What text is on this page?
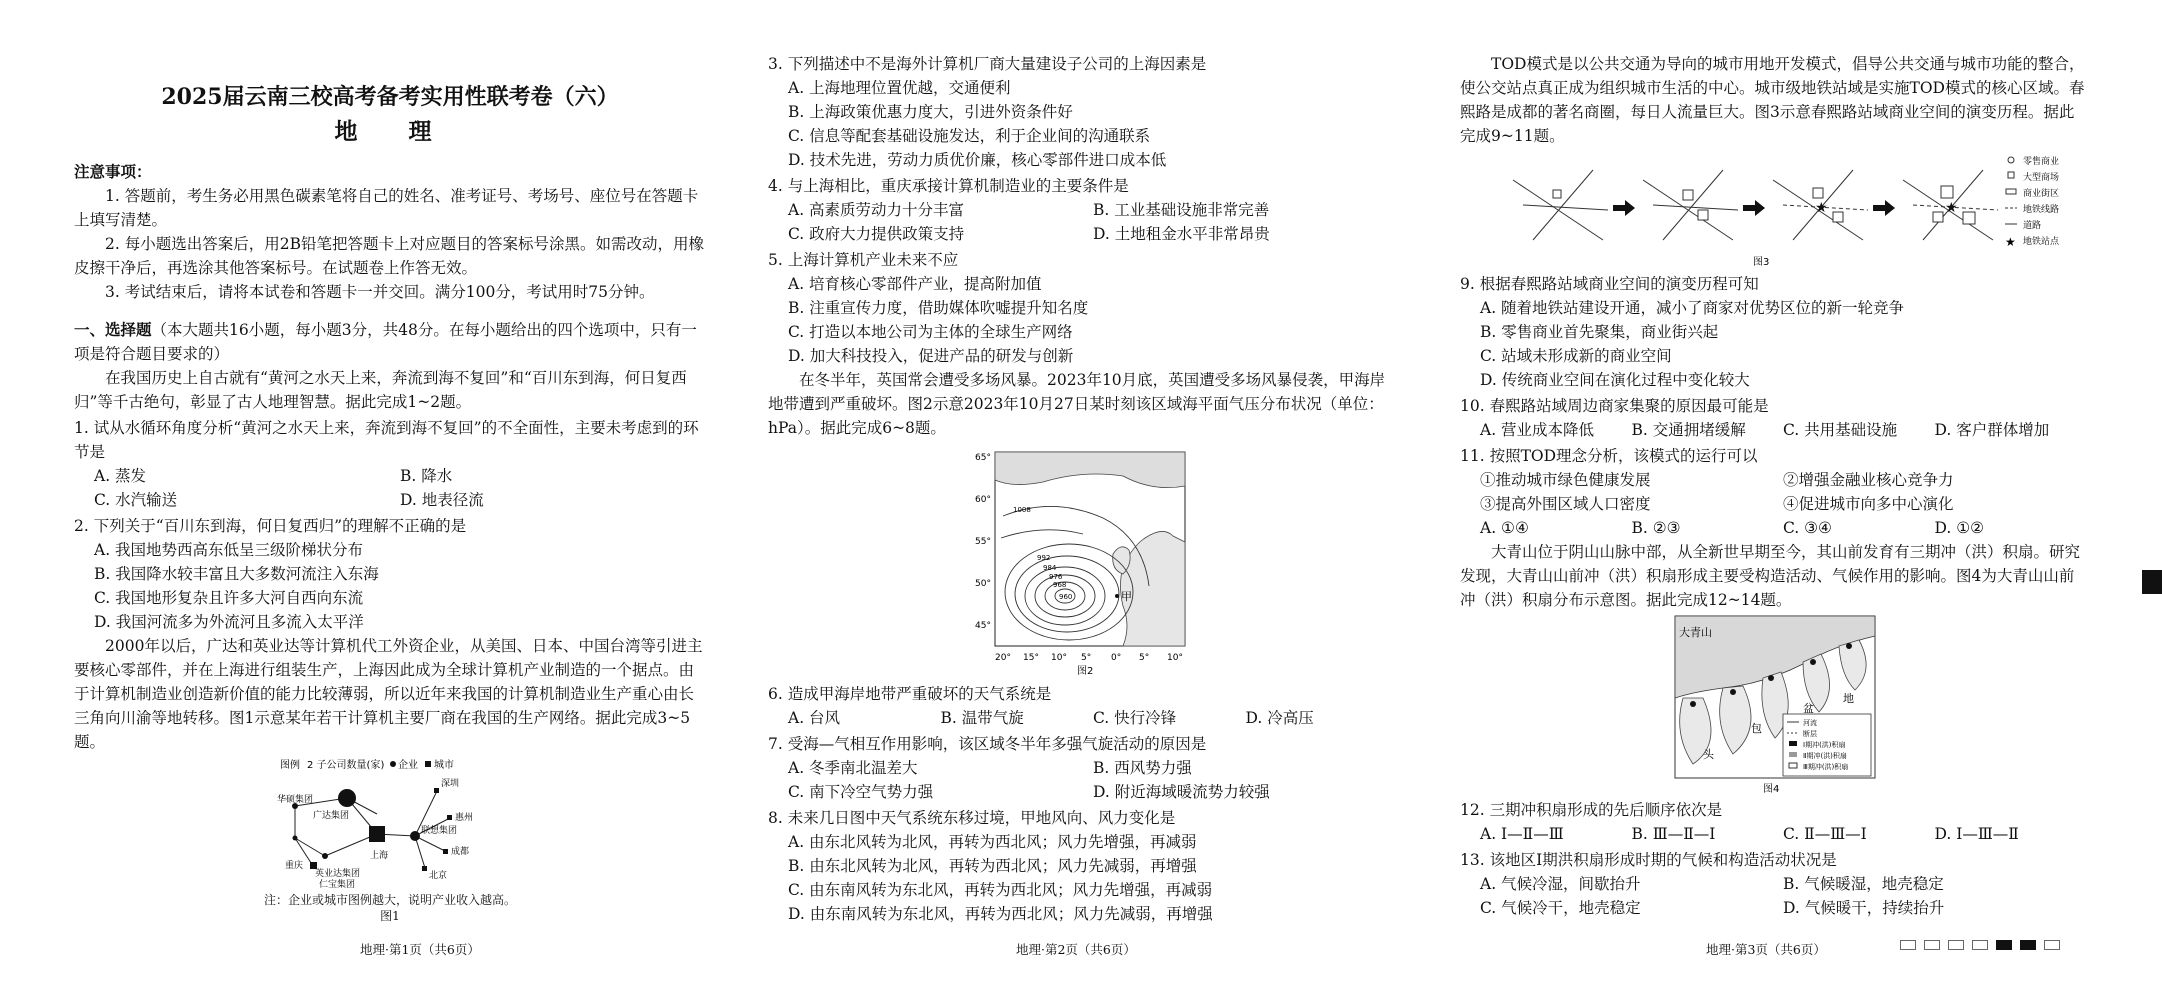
2025届云南三校高考备考实用性联考卷（六）

地　理

注意事项：

1. 答题前，考生务必用黑色碳素笔将自己的姓名、准考证号、考场号、座位号在答题卡上填写清楚。

2. 每小题选出答案后，用2B铅笔把答题卡上对应题目的答案标号涂黑。如需改动，用橡皮擦干净后，再选涂其他答案标号。在试题卷上作答无效。

3. 考试结束后，请将本试卷和答题卡一并交回。满分100分，考试用时75分钟。

一、选择题（本大题共16小题，每小题3分，共48分。在每小题给出的四个选项中，只有一项是符合题目要求的）

在我国历史上自古就有“黄河之水天上来，奔流到海不复回”和“百川东到海，何日复西归”等千古绝句，彰显了古人地理智慧。据此完成1~2题。

1. 试从水循环角度分析“黄河之水天上来，奔流到海不复回”的不全面性，主要未考虑到的环节是

A. 蒸发	B. 降水
C. 水汽输送	D. 地表径流

2. 下列关于“百川东到海，何日复西归”的理解不正确的是

A. 我国地势西高东低呈三级阶梯状分布

B. 我国降水较丰富且大多数河流注入东海

C. 我国地形复杂且许多大河自西向东流

D. 我国河流多为外流河且多流入太平洋

2000年以后，广达和英业达等计算机代工外资企业，从美国、日本、中国台湾等引进主要核心零部件，并在上海进行组装生产，上海因此成为全球计算机产业制造的一个据点。由于计算机制造业创造新价值的能力比较薄弱，所以近年来我国的计算机制造业生产重心由长三角向川渝等地转移。图1示意某年若干计算机主要厂商在我国的生产网络。据此完成3~5题。

图例 2 子公司数量(家) 企业 城市
华硕集团
广达集团
英业达集团
仁宝集团
联想集团
上海
深圳
惠州
重庆
成都
北京
注：企业或城市图例越大，说明产业收入越高。
图1
地理·第1页（共6页）

3. 下列描述中不是海外计算机厂商大量建设子公司的上海因素是

A. 上海地理位置优越，交通便利

B. 上海政策优惠力度大，引进外资条件好

C. 信息等配套基础设施发达，利于企业间的沟通联系

D. 技术先进，劳动力质优价廉，核心零部件进口成本低

4. 与上海相比，重庆承接计算机制造业的主要条件是

A. 高素质劳动力十分丰富	B. 工业基础设施非常完善
C. 政府大力提供政策支持	D. 土地租金水平非常昂贵

5. 上海计算机产业未来不应

A. 培育核心零部件产业，提高附加值

B. 注重宣传力度，借助媒体吹嘘提升知名度

C. 打造以本地公司为主体的全球生产网络

D. 加大科技投入，促进产品的研发与创新

在冬半年，英国常会遭受多场风暴。2023年10月底，英国遭受多场风暴侵袭，甲海岸地带遭到严重破坏。图2示意2023年10月27日某时刻该区域海平面气压分布状况（单位：hPa）。据此完成6~8题。

65°
60°
55°
50°
45°
20° 15° 10° 5° 0° 5° 10°
1008
992
984
976
968
960	甲
图2

6. 造成甲海岸地带严重破坏的天气系统是

A. 台风	B. 温带气旋	C. 快行冷锋	D. 冷高压

7. 受海—气相互作用影响，该区域冬半年多强气旋活动的原因是

A. 冬季南北温差大	B. 西风势力强
C. 南下冷空气势力强	D. 附近海域暖流势力较强

8. 未来几日图中天气系统东移过境，甲地风向、风力变化是

A. 由东北风转为北风，再转为西北风；风力先增强，再减弱

B. 由东北风转为北风，再转为西北风；风力先减弱，再增强

C. 由东南风转为东北风，再转为西北风；风力先增强，再减弱

D. 由东南风转为东北风，再转为西北风；风力先减弱，再增强

地理·第2页（共6页）

TOD模式是以公共交通为导向的城市用地开发模式，倡导公共交通与城市功能的整合，使公交站点真正成为组织城市生活的中心。城市级地铁站域是实施TOD模式的核心区域。春熙路是成都的著名商圈，每日人流量巨大。图3示意春熙路站域商业空间的演变历程。据此完成9~11题。

★	★
零售商业
大型商场
商业街区
地铁线路
道路
★ 地铁站点
图3

9. 根据春熙路站域商业空间的演变历程可知

A. 随着地铁站建设开通，减小了商家对优势区位的新一轮竞争

B. 零售商业首先聚集，商业街兴起

C. 站域未形成新的商业空间

D. 传统商业空间在演化过程中变化较大

10. 春熙路站域周边商家集聚的原因最可能是

A. 营业成本降低	B. 交通拥堵缓解	C. 共用基础设施	D. 客户群体增加

11. 按照TOD理念分析，该模式的运行可以

①推动城市绿色健康发展	②增强金融业核心竞争力
③提高外围区域人口密度	④促进城市向多中心演化
A. ①④	B. ②③	C. ③④	D. ①②

大青山位于阴山山脉中部，从全新世早期至今，其山前发育有三期冲（洪）积扇。研究发现，大青山山前冲（洪）积扇形成主要受构造活动、气候作用的影响。图4为大青山山前冲（洪）积扇分布示意图。据此完成12~14题。

河流
断层
Ⅰ期冲(洪)积扇
Ⅱ期冲(洪)积扇
Ⅲ期冲(洪)积扇
大青山
地
盆
包
头
图4

12. 三期冲积扇形成的先后顺序依次是

A. Ⅰ—Ⅱ—Ⅲ	B. Ⅲ—Ⅱ—Ⅰ	C. Ⅱ—Ⅲ—Ⅰ	D. Ⅰ—Ⅲ—Ⅱ

13. 该地区Ⅰ期洪积扇形成时期的气候和构造活动状况是

A. 气候冷湿，间歇抬升	B. 气候暖湿，地壳稳定
C. 气候冷干，地壳稳定	D. 气候暖干，持续抬升
地理·第3页（共6页）
